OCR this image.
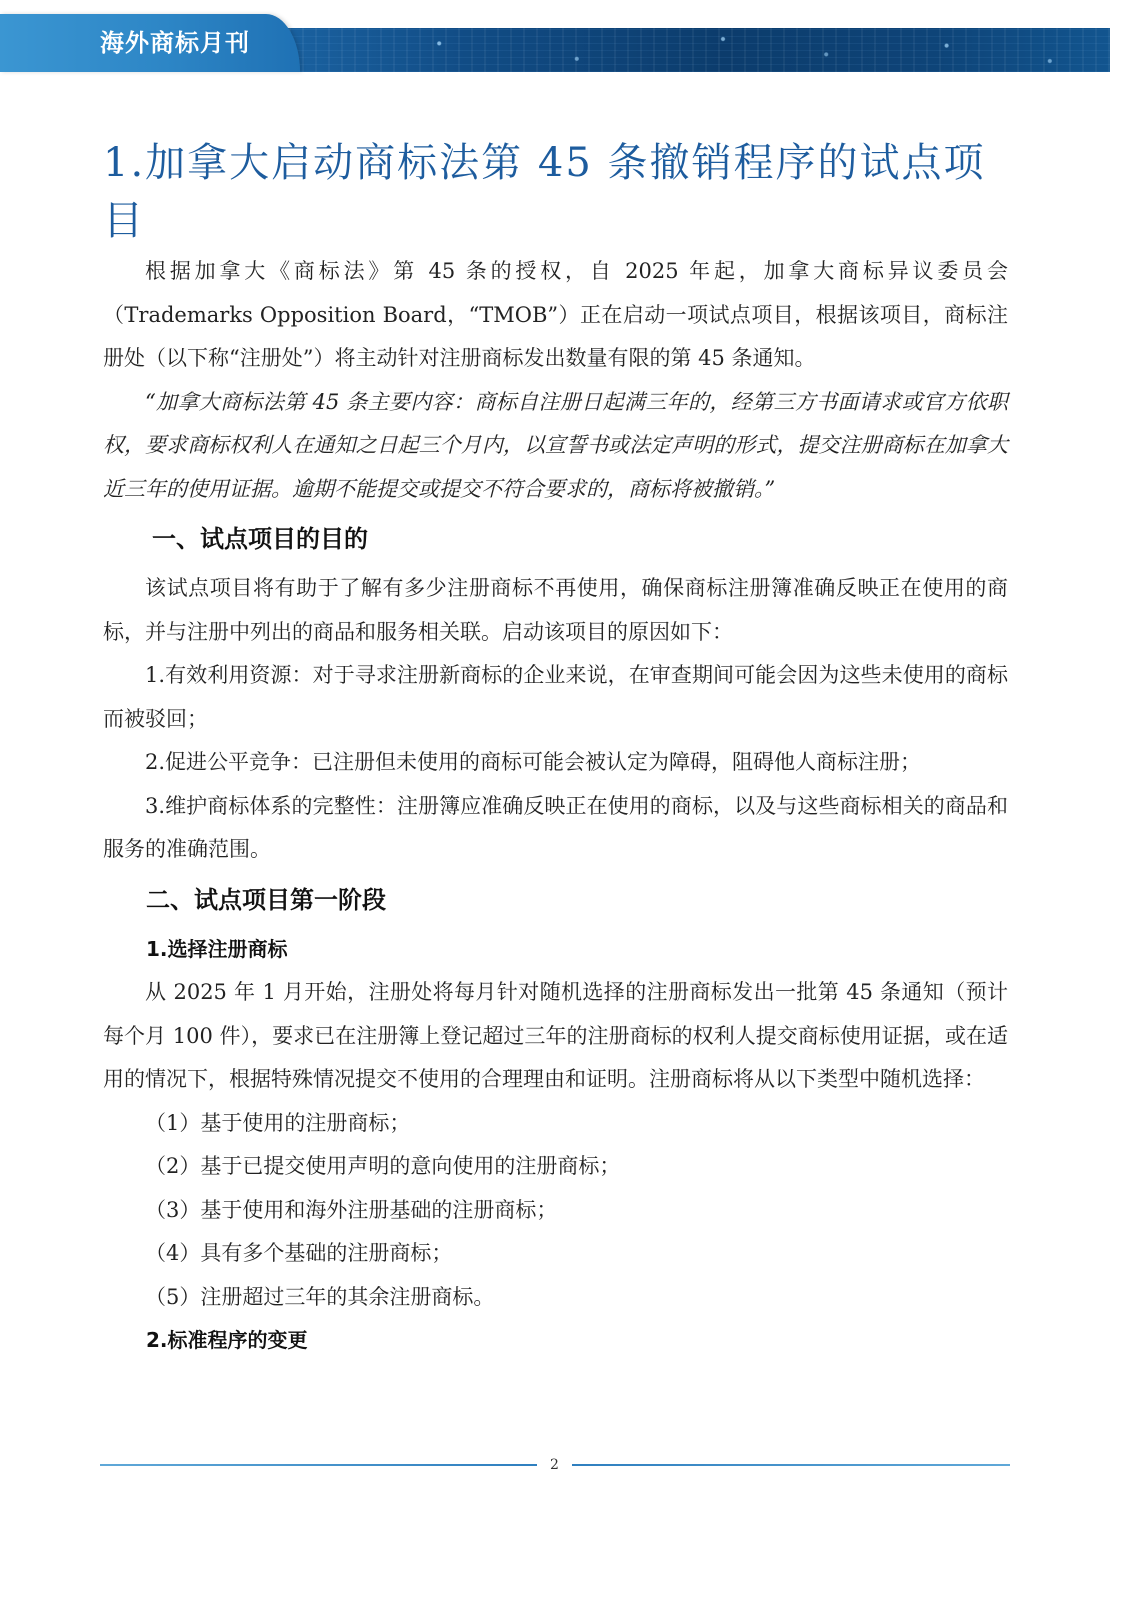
海外商标月刊
1.加拿大启动商标法第 45 条撤销程序的试点项目

根据加拿大《商标法》第 45 条的授权，自 2025 年起，加拿大商标异议委员会（Trademarks Opposition Board，“TMOB”）正在启动一项试点项目，根据该项目，商标注册处（以下称“注册处”）将主动针对注册商标发出数量有限的第 45 条通知。

“加拿大商标法第 45 条主要内容：商标自注册日起满三年的，经第三方书面请求或官方依职权，要求商标权利人在通知之日起三个月内，以宣誓书或法定声明的形式，提交注册商标在加拿大近三年的使用证据。逾期不能提交或提交不符合要求的，商标将被撤销。”

一、试点项目的目的

该试点项目将有助于了解有多少注册商标不再使用，确保商标注册簿准确反映正在使用的商标，并与注册中列出的商品和服务相关联。启动该项目的原因如下：

1.有效利用资源：对于寻求注册新商标的企业来说，在审查期间可能会因为这些未使用的商标而被驳回；

2.促进公平竞争：已注册但未使用的商标可能会被认定为障碍，阻碍他人商标注册；

3.维护商标体系的完整性：注册簿应准确反映正在使用的商标，以及与这些商标相关的商品和服务的准确范围。

二、试点项目第一阶段
1.选择注册商标

从 2025 年 1 月开始，注册处将每月针对随机选择的注册商标发出一批第 45 条通知（预计每个月 100 件），要求已在注册簿上登记超过三年的注册商标的权利人提交商标使用证据，或在适用的情况下，根据特殊情况提交不使用的合理理由和证明。注册商标将从以下类型中随机选择：

（1）基于使用的注册商标；

（2）基于已提交使用声明的意向使用的注册商标；

（3）基于使用和海外注册基础的注册商标；

（4）具有多个基础的注册商标；

（5）注册超过三年的其余注册商标。

2.标准程序的变更
2
